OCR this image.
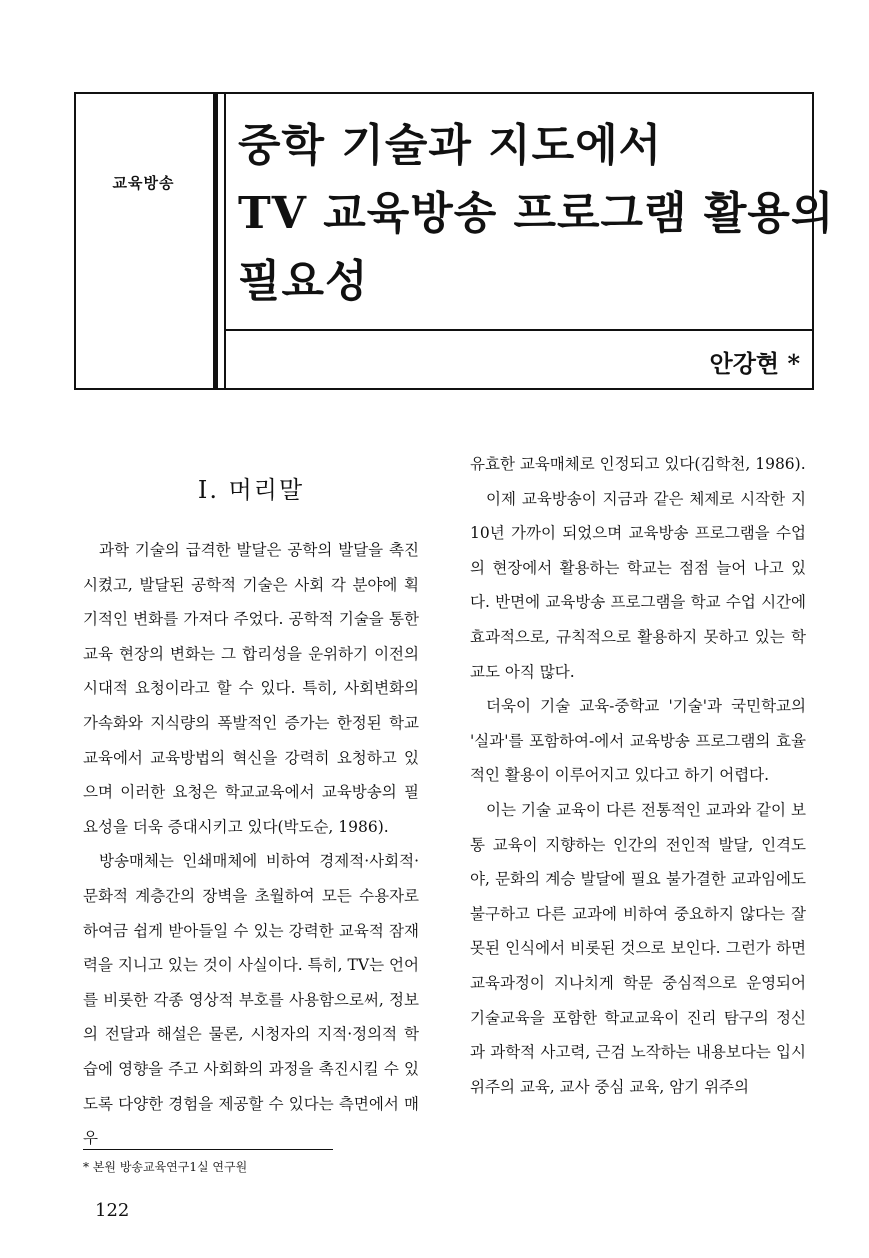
교육방송
중학 기술과 지도에서
TV 교육방송 프로그램 활용의
필요성
안강현 *
Ⅰ. 머리말

과학 기술의 급격한 발달은 공학의 발달을 촉진시켰고, 발달된 공학적 기술은 사회 각 분야에 획기적인 변화를 가져다 주었다. 공학적 기술을 통한 교육 현장의 변화는 그 합리성을 운위하기 이전의 시대적 요청이라고 할 수 있다. 특히, 사회변화의 가속화와 지식량의 폭발적인 증가는 한정된 학교교육에서 교육방법의 혁신을 강력히 요청하고 있으며 이러한 요청은 학교교육에서 교육방송의 필요성을 더욱 증대시키고 있다(박도순, 1986).

방송매체는 인쇄매체에 비하여 경제적·사회적·문화적 계층간의 장벽을 초월하여 모든 수용자로 하여금 쉽게 받아들일 수 있는 강력한 교육적 잠재력을 지니고 있는 것이 사실이다. 특히, TV는 언어를 비롯한 각종 영상적 부호를 사용함으로써, 정보의 전달과 해설은 물론, 시청자의 지적·정의적 학습에 영향을 주고 사회화의 과정을 촉진시킬 수 있도록 다양한 경험을 제공할 수 있다는 측면에서 매우

유효한 교육매체로 인정되고 있다(김학천, 1986).

이제 교육방송이 지금과 같은 체제로 시작한 지 10년 가까이 되었으며 교육방송 프로그램을 수업의 현장에서 활용하는 학교는 점점 늘어 나고 있다. 반면에 교육방송 프로그램을 학교 수업 시간에 효과적으로, 규칙적으로 활용하지 못하고 있는 학교도 아직 많다.

더욱이 기술 교육-중학교 '기술'과 국민학교의 '실과'를 포함하여-에서 교육방송 프로그램의 효율적인 활용이 이루어지고 있다고 하기 어렵다.

이는 기술 교육이 다른 전통적인 교과와 같이 보통 교육이 지향하는 인간의 전인적 발달, 인격도야, 문화의 계승 발달에 필요 불가결한 교과임에도 불구하고 다른 교과에 비하여 중요하지 않다는 잘못된 인식에서 비롯된 것으로 보인다. 그런가 하면 교육과정이 지나치게 학문 중심적으로 운영되어 기술교육을 포함한 학교교육이 진리 탐구의 정신과 과학적 사고력, 근검 노작하는 내용보다는 입시 위주의 교육, 교사 중심 교육, 암기 위주의

* 본원 방송교육연구1실 연구원
122
